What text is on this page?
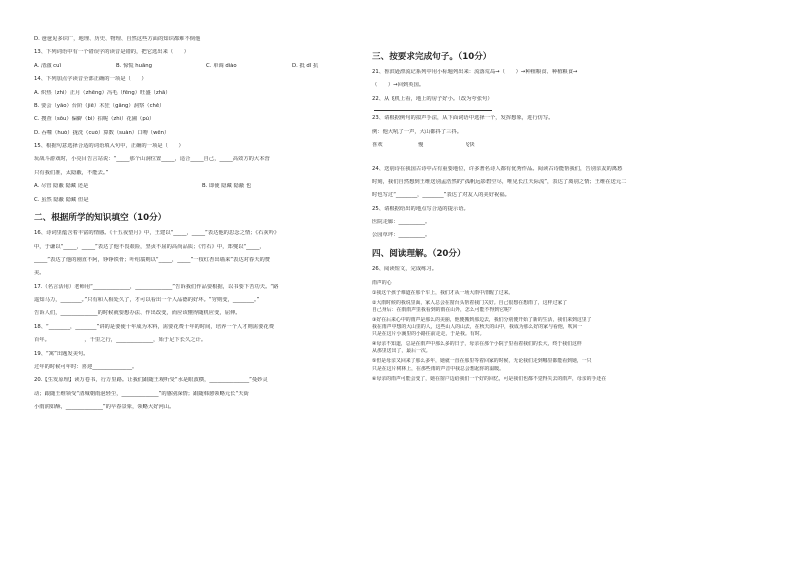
D. 爸爸见多识广，地理、历史、物理、自然这些方面的知识都难不倒他

13、下列词语中有一个错误字的读音是错的，把它选出来（　　）

A. 清澈 cuī	B. 惊慌 huāng	C. 单调 diào	D. 抵 dǐ 抗

14、下列加点字读音全部正确的一项是（　　）

A. 炽热（zhì）正月（zhēng）冯毛（fēng）旺盛（zhā）

B. 要会（yāo）台阶（jiē）木狂（gāng）洞察（chě）

C. 搜查（sōu）偏僻（bì）拍呢（zhì）花圃（pú）

D. 吞噬（huò）拢洗（cuò）算数（suàn）口吻（wěn）

15、根据句意选择合适的词语填入句中，正确的一项是（　　）

玩战斗游戏时，小亮目告言站说：“_____那个山洞位置_____，适合_____自己，_____高效方的大本营

只有我们准，太隐蔽，不能去。”

A. 尽管 隐蔽 隐藏 还是	B. 即使 隐藏 隐蔽 也

C. 虽然 隐蔽 隐藏 但是

二、根据所学的知识填空（10分）

16、诗词里蕴含着丰富的情感。《十五夜望月》中，王建以“_____，_____”表达他的思念之情；《石灰吟》

中，于谦以“_____，_____”表达了他不畏艰险，坚贞不屈的高尚品质；《竹石》中，郑燮以“_____，

_____”表达了他的刚直不阿，铮铮铁骨；叶绍翁则以“_____，_____”一枝红杏出墙来”表达对春天的赞

美。

17.（名言活用）老师用“______________，______________”告诉我们作品要根据，以书要下苦功夫。“路

遥知马力，________。”只有和人相处久了，才可以看出一个人品德的好坏。“穷则变，________。”

告诉人们，______________的时候就要想办法、作出改变，而应该懂得随机应变，屈伸。

18、“________，________”讲的是要使十年成为木料，需要花费十年的时间，培养一个人才则需要花费

百年。　　　　　　　，千里之行，______________，始于足下长久之计。

19、“寓”出题发美句。

过年的时候可年时：喜迎_______________。

20.【生发原理】读万卷书，行万里路。让我们跟随王观听受“水是眼波横，_______________”曼妙灵

动；跟随王维领受“清城朝雨浥轻尘，______________”的感别深情；跟随韩愈领略元长“天街

小雨润如酥，______________”的早春景象，领略大好河山。

三、按要求完成句子。（10分）

21、鲁滨逊漂流记系列中用小标题列出来：流落荒岛→（　　）→种植粮食、种植粮食→

（　　）→回到英国。

22、从飞机上看，地上的房子好小。（改为夸张句）

23、请根据例句的拟声手法，从下面词语中选择一个，发挥想象，进行仿写。

例：他大吼了一声，大山都抖了三抖。

喜欢	慢	飞快

24、送别诗在我国古诗中占有重要地位，许多著名诗人都有优秀作品。阅读古诗能帮我们，告别亲友的离愁

时刻，我们自然想到王维送别孟浩然的“孤帆远影碧空尽，唯见长江天际流”，表达了离别之情；王维在送元二

时也写过“________，________”表达了对友人的美好祝福。

25、请根据给出的地点写合适的提示语。

医院走廊：__________。

公园草坪：__________。

四、阅读理解。（20分）

26、阅读短文，完成练习。

雨声的心

①我这个孩子难道在那个车上，我们才从一场大雨中清醒了过来。

②大雨时候的我说里面，家人总会在窗台头帮着我门关好。自己很想在想雨了，这样过家了

自己身后：在雨雨声里我看到的雨在山外，怎么可能不得到它呢？

③好在后来心中的雨声是那么的美丽，他便搬到那边去，我们分别便开始了新的生活，我们来到这里了

我在雨声中想的大山里的人，这些山人的山去，在秋天的山中，我成为那么好的家与看他，吹回一

只是在这片小溪里的小路往前走走，于是我。有时。

④母亲不知道，总是在雨声中那么多的日子，母亲在那个小院子里看着我们的长大，终于我们这样

从那里送出了，最后一次。

⑤但是母亲又回来了那么多年，她就一直在那里等着回家的时候，无论我们走到哪里都能看到她，一只

只是在这片树林上，在那些雨的声音中我总会想起你的温暖。

⑥母亲的雨声可能会变了，她在窗户边给我们一个好的回忆，可是我们也都不觉得失去的雨声，母亲的手还在
